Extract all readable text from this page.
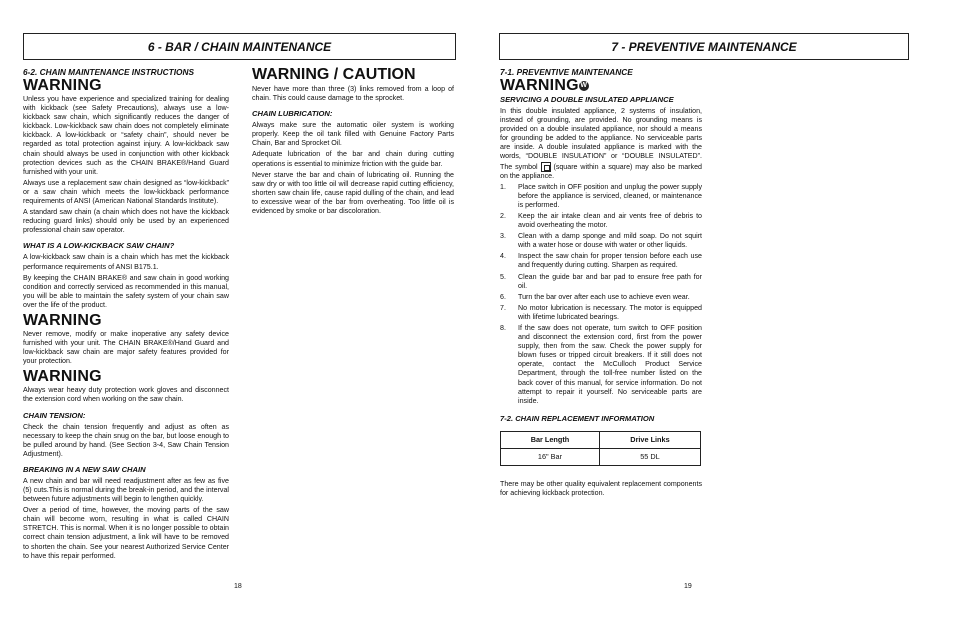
6 - BAR / CHAIN MAINTENANCE
6-2. CHAIN MAINTENANCE INSTRUCTIONS
WARNING

Unless you have experience and specialized training for dealing with kickback (see Safety Precautions), always use a low-kickback saw chain, which significantly reduces the danger of kickback. Low-kickback saw chain does not completely eliminate kickback. A low-kickback or “safety chain”, should never be regarded as total protection against injury. A low-kickback saw chain should always be used in conjunction with other kickback protection devices such as the CHAIN BRAKE®/Hand Guard furnished with your unit.

Always use a replacement saw chain designed as “low-kickback” or a saw chain which meets the low-kickback performance requirements of ANSI (American National Standards Institute).

A standard saw chain (a chain which does not have the kickback reducing guard links) should only be used by an experienced professional chain saw operator.

WHAT IS A LOW-KICKBACK SAW CHAIN?

A low-kickback saw chain is a chain which has met the kickback performance requirements of ANSI B175.1.

By keeping the CHAIN BRAKE® and saw chain in good working condition and correctly serviced as recommended in this manual, you will be able to maintain the safety system of your chain saw over the life of the product.

WARNING

Never remove, modify or make inoperative any safety device furnished with your unit. The CHAIN BRAKE®/Hand Guard and low-kickback saw chain are major safety features provided for your protection.

WARNING

Always wear heavy duty protection work gloves and disconnect the extension cord when working on the saw chain.

CHAIN TENSION:

Check the chain tension frequently and adjust as often as necessary to keep the chain snug on the bar, but loose enough to be pulled around by hand. (See Section 3-4, Saw Chain Tension Adjustment).

BREAKING IN A NEW SAW CHAIN

A new chain and bar will need readjustment after as few as five (5) cuts.This is normal during the break-in period, and the interval between future adjustments will begin to lengthen quickly.

Over a period of time, however, the moving parts of the saw chain will become worn, resulting in what is called CHAIN STRETCH. This is normal. When it is no longer possible to obtain correct chain tension adjustment, a link will have to be removed to shorten the chain. See your nearest Authorized Service Center to have this repair performed.

WARNING / CAUTION

Never have more than three (3) links removed from a loop of chain. This could cause damage to the sprocket.

CHAIN LUBRICATION:

Always make sure the automatic oiler system is working properly. Keep the oil tank filled with Genuine Factory Parts Chain, Bar and Sprocket Oil.

Adequate lubrication of the bar and chain during cutting operations is essential to minimize friction with the guide bar.

Never starve the bar and chain of lubricating oil. Running the saw dry or with too little oil will decrease rapid cutting efficiency, shorten saw chain life, cause rapid dulling of the chain, and lead to excessive wear of the bar from overheating. Too little oil is evidenced by smoke or bar discoloration.

18
7 - PREVENTIVE MAINTENANCE
7-1. PREVENTIVE MAINTENANCE
WARNING W
SERVICING A DOUBLE INSULATED APPLIANCE

In this double insulated appliance, 2 systems of insulation, instead of grounding, are provided. No grounding means is provided on a double insulated appliance, nor should a means for grounding be added to the appliance. No serviceable parts are inside. A double insulated appliance is marked with the words, “DOUBLE INSULATION” or “DOUBLE INSULATED”. The symbol (square within a square) may also be marked on the appliance.

1.	Place switch in OFF position and unplug the power supply before the appliance is serviced, cleaned, or maintenance is performed.
2.	Keep the air intake clean and air vents free of debris to avoid overheating the motor.
3.	Clean with a damp sponge and mild soap. Do not squirt with a water hose or douse with water or other liquids.
4.	Inspect the saw chain for proper tension before each use and frequently during cutting. Sharpen as required.
5.	Clean the guide bar and bar pad to ensure free path for oil.
6.	Turn the bar over after each use to achieve even wear.
7.	No motor lubrication is necessary. The motor is equipped with lifetime lubricated bearings.
8.	If the saw does not operate, turn switch to OFF position and disconnect the extension cord, first from the power supply, then from the saw. Check the power supply for blown fuses or tripped circuit breakers. If it still does not operate, contact the McCulloch Product Service Department, through the toll-free number listed on the back cover of this manual, for service information. Do not attempt to repair it yourself. No serviceable parts are inside.
7-2. CHAIN REPLACEMENT INFORMATION
Bar Length	Drive Links
16" Bar	55 DL

There may be other quality equivalent replacement components for achieving kickback protection.

19
